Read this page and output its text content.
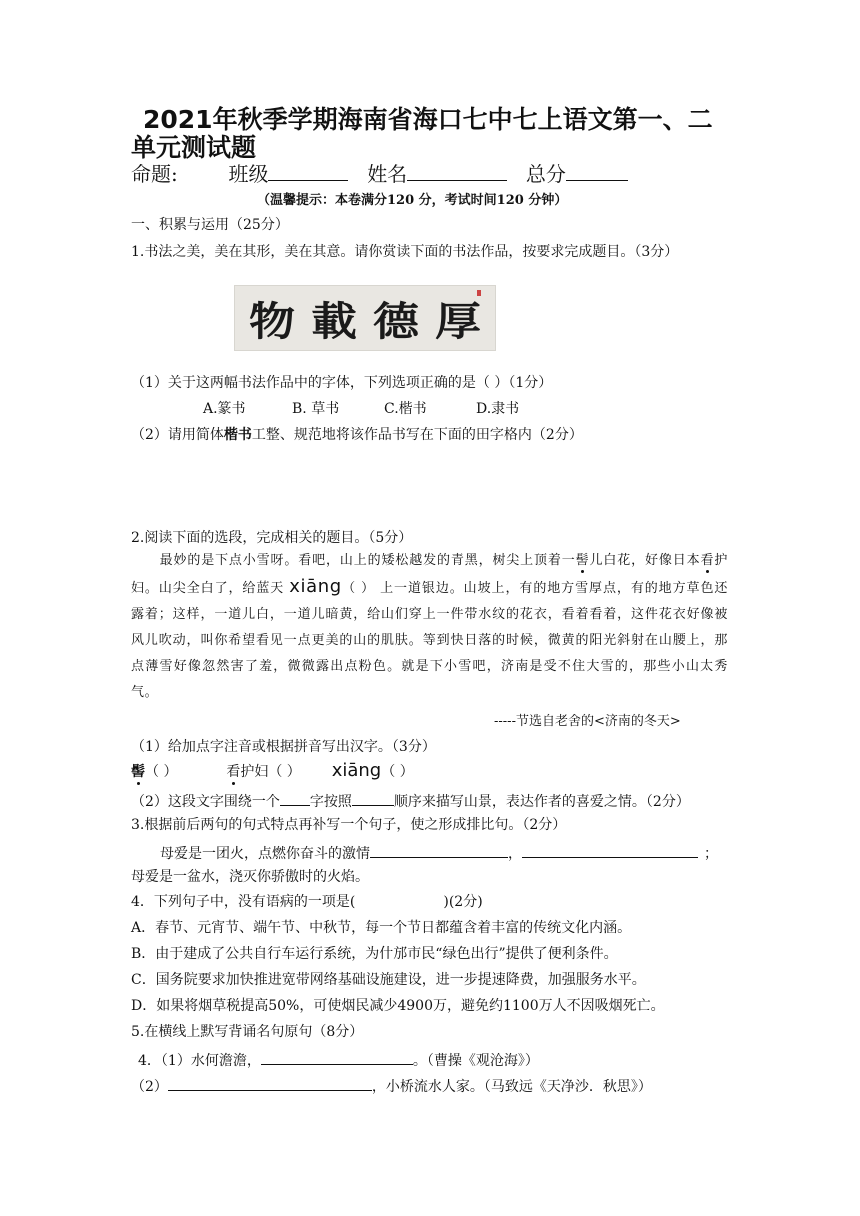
2021年秋季学期海南省海口七中七上语文第一、二
单元测试题
命题:	班级	姓名	总分
（温馨提示：本卷满分120 分，考试时间120 分钟）
一、积累与运用（25分）
1.书法之美，美在其形，美在其意。请你赏读下面的书法作品，按要求完成题目。（3分）
物 載 德 厚
（1）关于这两幅书法作品中的字体，下列选项正确的是（ ）（1分）
A.篆书	B. 草书	C.楷书	D.隶书
（2）请用简体楷书工整、规范地将该作品书写在下面的田字格内（2分）
2.阅读下面的选段，完成相关的题目。（5分）

最妙的是下点小雪呀。看吧，山上的矮松越发的青黑，树尖上顶着一髻儿白花，好像日本看护妇。山尖全白了，给蓝天 xiāng（ ） 上一道银边。山坡上，有的地方雪厚点，有的地方草色还露着；这样，一道儿白，一道儿暗黄，给山们穿上一件带水纹的花衣，看着看着，这件花衣好像被风儿吹动，叫你希望看见一点更美的山的肌肤。等到快日落的时候，微黄的阳光斜射在山腰上，那点薄雪好像忽然害了羞，微微露出点粉色。就是下小雪吧，济南是受不住大雪的，那些小山太秀气。

-----节选自老舍的<济南的冬天>
（1）给加点字注音或根据拼音写出汉字。（3分）
髻（ ）	看护妇（ ） xiāng（ ）
（2）这段文字围绕一个 字按照	顺序来描写山景，表达作者的喜爱之情。（2分）
3.根据前后两句的句式特点再补写一个句子，使之形成排比句。（2分）
母爱是一团火，点燃你奋斗的激情	，	；
母爱是一盆水，浇灭你骄傲时的火焰。
4．下列句子中，没有语病的一项是(	)(2分)
A．春节、元宵节、端午节、中秋节，每一个节日都蕴含着丰富的传统文化内涵。
B．由于建成了公共自行车运行系统，为什邡市民“绿色出行”提供了便利条件。
C．国务院要求加快推进宽带网络基础设施建设，进一步提速降费，加强服务水平。
D．如果将烟草税提高50%，可使烟民减少4900万，避免约1100万人不因吸烟死亡。
5.在横线上默写背诵名句原句（8分）
4．（1）水何澹澹，	。（曹操《观沧海》）
（2）	，小桥流水人家。（马致远《天净沙．秋思》）
